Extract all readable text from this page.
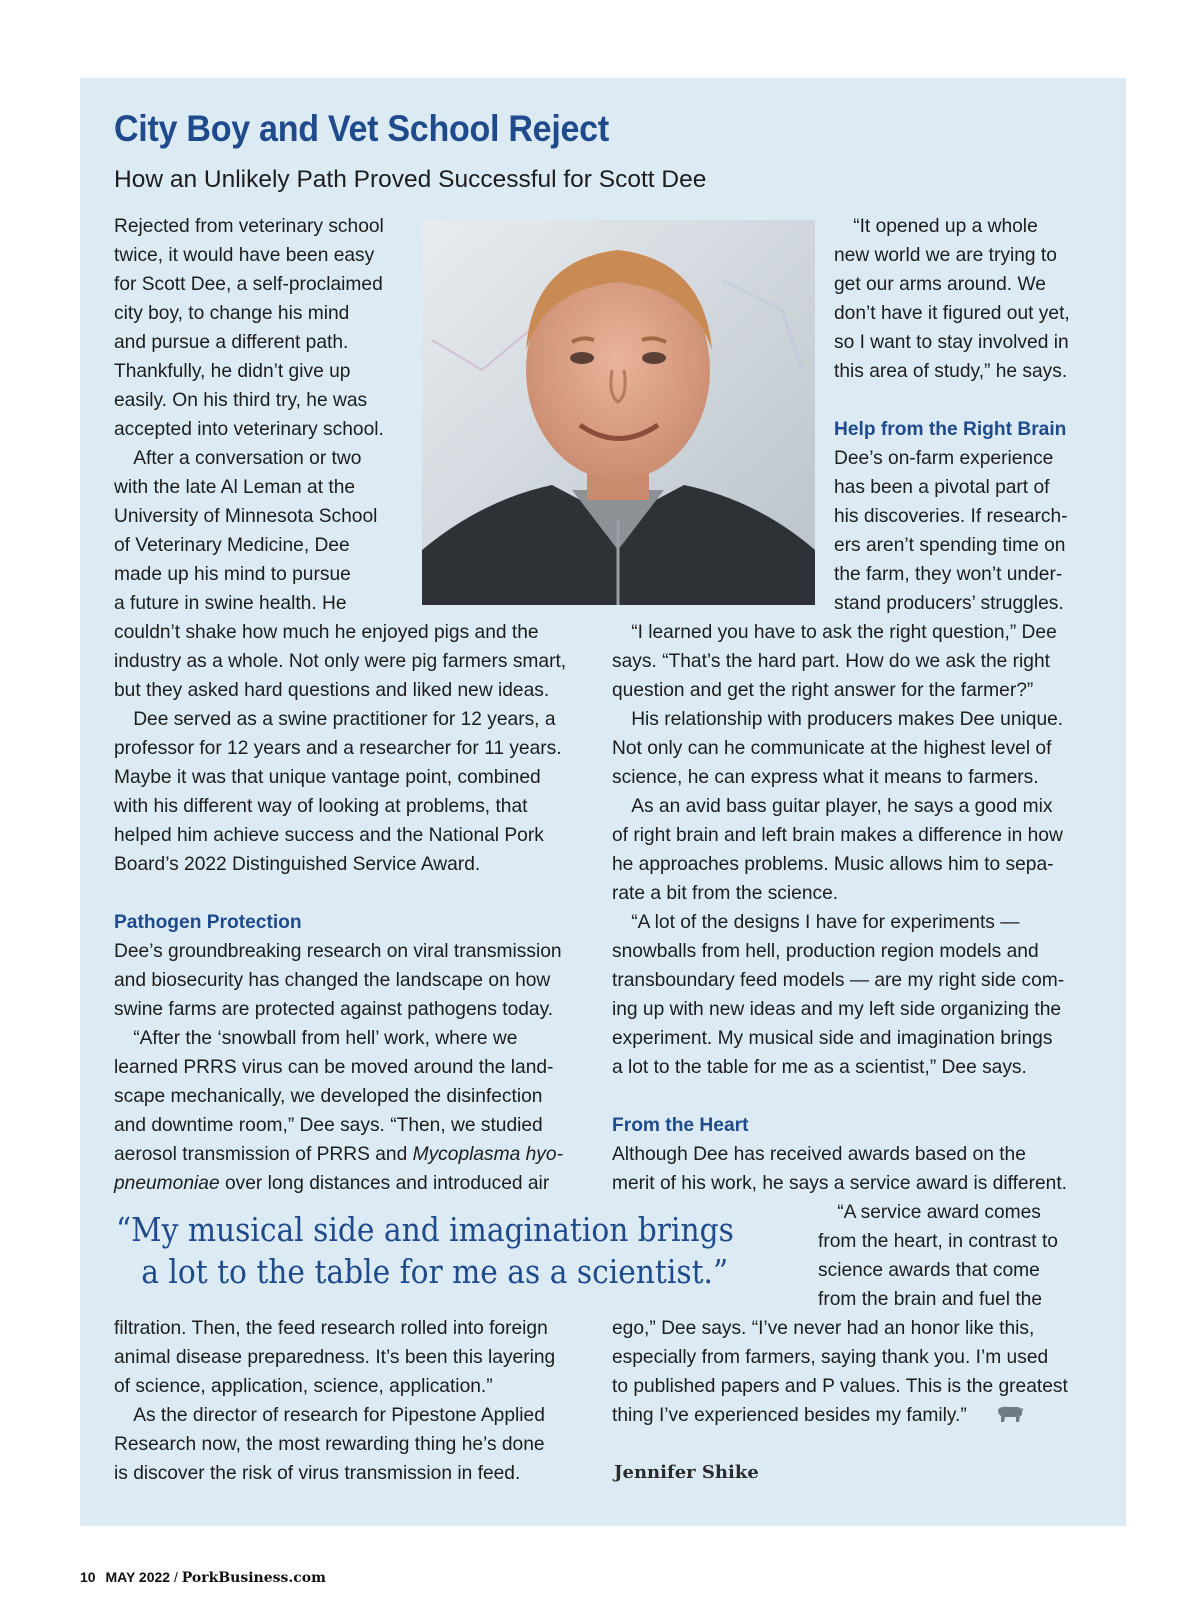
City Boy and Vet School Reject
How an Unlikely Path Proved Successful for Scott Dee
Rejected from veterinary school
twice, it would have been easy
for Scott Dee, a self-proclaimed
city boy, to change his mind
and pursue a different path.
Thankfully, he didn’t give up
easily. On his third try, he was
accepted into veterinary school.
 After a conversation or two
with the late Al Leman at the
University of Minnesota School
of Veterinary Medicine, Dee
made up his mind to pursue
a future in swine health. He
couldn’t shake how much he enjoyed pigs and the
industry as a whole. Not only were pig farmers smart,
but they asked hard questions and liked new ideas.
 Dee served as a swine practitioner for 12 years, a
professor for 12 years and a researcher for 11 years.
Maybe it was that unique vantage point, combined
with his different way of looking at problems, that
helped him achieve success and the National Pork
Board’s 2022 Distinguished Service Award.
Pathogen Protection
Dee’s groundbreaking research on viral transmission
and biosecurity has changed the landscape on how
swine farms are protected against pathogens today.
 “After the ‘snowball from hell’ work, where we
learned PRRS virus can be moved around the land-
scape mechanically, we developed the disinfection
and downtime room,” Dee says. “Then, we studied
aerosol transmission of PRRS and Mycoplasma hyo-
pneumoniae over long distances and introduced air
filtration. Then, the feed research rolled into foreign
animal disease preparedness. It’s been this layering
of science, application, science, application.”
 As the director of research for Pipestone Applied
Research now, the most rewarding thing he’s done
is discover the risk of virus transmission in feed.
 “It opened up a whole
new world we are trying to
get our arms around. We
don’t have it figured out yet,
so I want to stay involved in
this area of study,” he says.
Help from the Right Brain
Dee’s on-farm experience
has been a pivotal part of
his discoveries. If research-
ers aren’t spending time on
the farm, they won’t under-
stand producers’ struggles.
 “I learned you have to ask the right question,” Dee
says. “That’s the hard part. How do we ask the right
question and get the right answer for the farmer?”
 His relationship with producers makes Dee unique.
Not only can he communicate at the highest level of
science, he can express what it means to farmers.
 As an avid bass guitar player, he says a good mix
of right brain and left brain makes a difference in how
he approaches problems. Music allows him to sepa-
rate a bit from the science.
 “A lot of the designs I have for experiments —
snowballs from hell, production region models and
transboundary feed models — are my right side com-
ing up with new ideas and my left side organizing the
experiment. My musical side and imagination brings
a lot to the table for me as a scientist,” Dee says.
From the Heart
Although Dee has received awards based on the
merit of his work, he says a service award is different.
 “A service award comes
from the heart, in contrast to
science awards that come
from the brain and fuel the
ego,” Dee says. “I’ve never had an honor like this,
especially from farmers, saying thank you. I’m used
to published papers and P values. This is the greatest
thing I’ve experienced besides my family.”
“My musical side and imagination brings
a lot to the table for me as a scientist.”

Jennifer Shike

10 MAY 2022 / PorkBusiness.com
